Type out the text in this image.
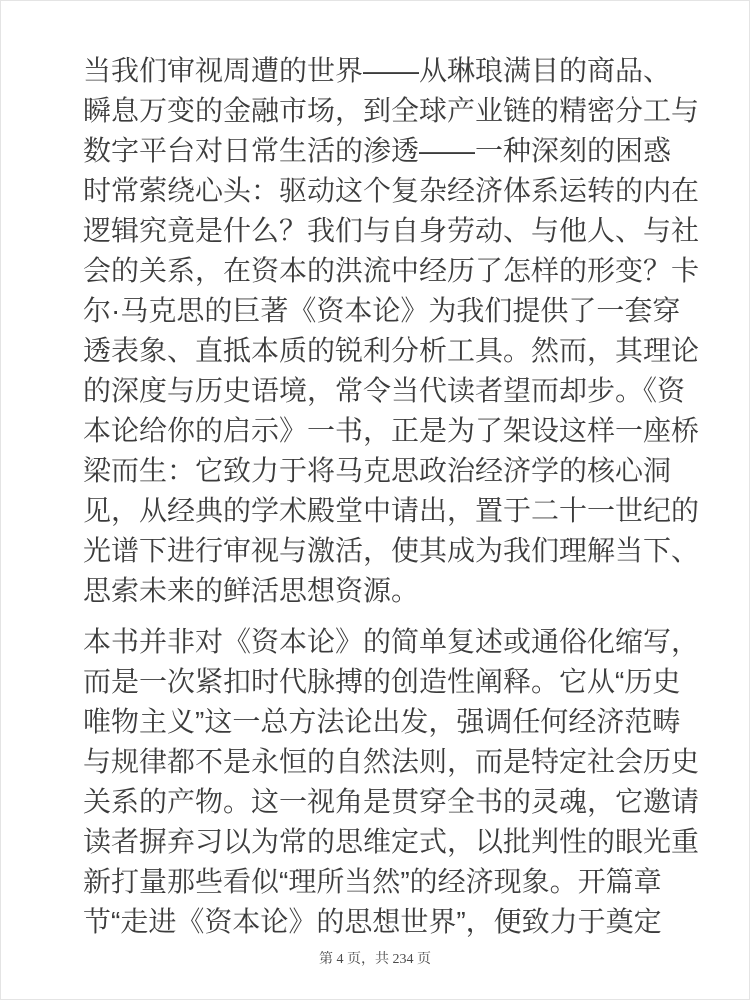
当我们审视周遭的世界——从琳琅满目的商品、
瞬息万变的金融市场，到全球产业链的精密分工与
数字平台对日常生活的渗透——一种深刻的困惑
时常萦绕心头：驱动这个复杂经济体系运转的内在
逻辑究竟是什么？我们与自身劳动、与他人、与社
会的关系，在资本的洪流中经历了怎样的形变？卡
尔·马克思的巨著《资本论》为我们提供了一套穿
透表象、直抵本质的锐利分析工具。然而，其理论
的深度与历史语境，常令当代读者望而却步。《资
本论给你的启示》一书，正是为了架设这样一座桥
梁而生：它致力于将马克思政治经济学的核心洞
见，从经典的学术殿堂中请出，置于二十一世纪的
光谱下进行审视与激活，使其成为我们理解当下、
思索未来的鲜活思想资源。
本书并非对《资本论》的简单复述或通俗化缩写，
而是一次紧扣时代脉搏的创造性阐释。它从“历史
唯物主义”这一总方法论出发，强调任何经济范畴
与规律都不是永恒的自然法则，而是特定社会历史
关系的产物。这一视角是贯穿全书的灵魂，它邀请
读者摒弃习以为常的思维定式，以批判性的眼光重
新打量那些看似“理所当然”的经济现象。开篇章
节“走进《资本论》的思想世界”，便致力于奠定
第 4 页，共 234 页
